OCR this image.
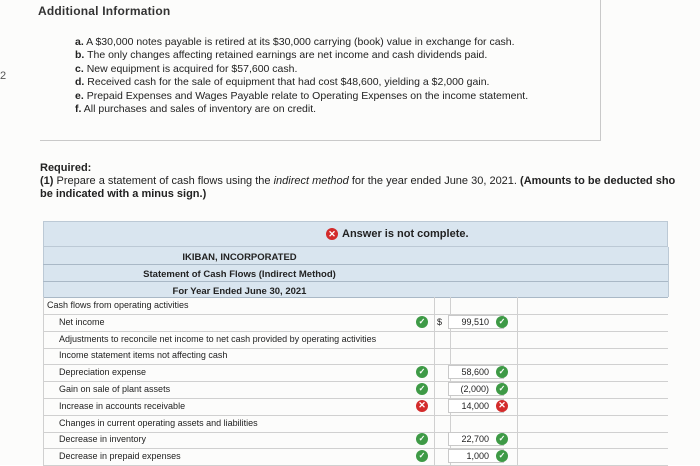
2
Additional Information
a. A $30,000 notes payable is retired at its $30,000 carrying (book) value in exchange for cash.
b. The only changes affecting retained earnings are net income and cash dividends paid.
c. New equipment is acquired for $57,600 cash.
d. Received cash for the sale of equipment that had cost $48,600, yielding a $2,000 gain.
e. Prepaid Expenses and Wages Payable relate to Operating Expenses on the income statement.
f. All purchases and sales of inventory are on credit.
Required:
(1) Prepare a statement of cash flows using the indirect method for the year ended June 30, 2021. (Amounts to be deducted sho
be indicated with a minus sign.)
✕ Answer is not complete.
IKIBAN, INCORPORATED
Statement of Cash Flows (Indirect Method)
For Year Ended June 30, 2021
Cash flows from operating activities
Net income	✓ $	99,510	✓
Adjustments to reconcile net income to net cash provided by operating activities
Income statement items not affecting cash
Depreciation expense	✓	58,600	✓
Gain on sale of plant assets	✓	(2,000)	✓
Increase in accounts receivable	✕	14,000	✕
Changes in current operating assets and liabilities
Decrease in inventory	✓	22,700	✓
Decrease in prepaid expenses	✓	1,000	✓
